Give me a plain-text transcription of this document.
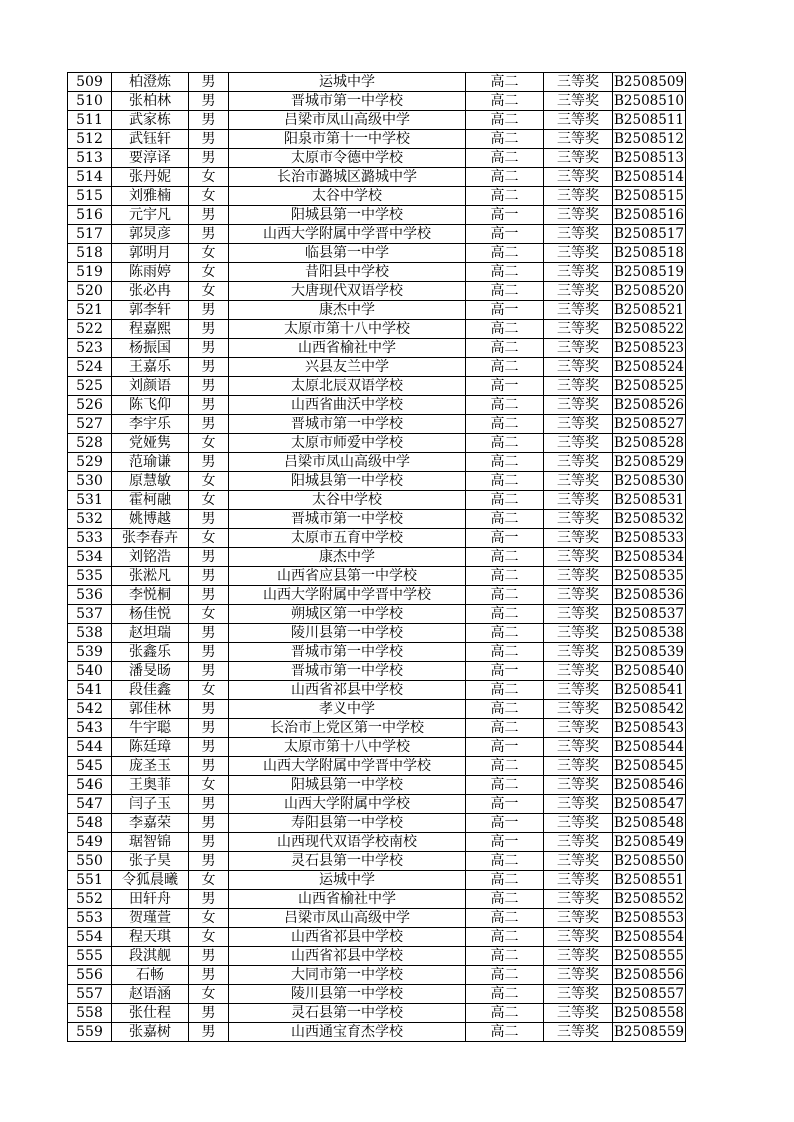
509	柏澄炼	男	运城中学	高二	三等奖	B2508509
510	张柏林	男	晋城市第一中学校	高二	三等奖	B2508510
511	武家栋	男	吕梁市凤山高级中学	高二	三等奖	B2508511
512	武钰轩	男	阳泉市第十一中学校	高二	三等奖	B2508512
513	要淳译	男	太原市令德中学校	高二	三等奖	B2508513
514	张丹妮	女	长治市潞城区潞城中学	高二	三等奖	B2508514
515	刘雅楠	女	太谷中学校	高二	三等奖	B2508515
516	元宇凡	男	阳城县第一中学校	高一	三等奖	B2508516
517	郭炅彦	男	山西大学附属中学晋中学校	高一	三等奖	B2508517
518	郭明月	女	临县第一中学	高二	三等奖	B2508518
519	陈雨婷	女	昔阳县中学校	高二	三等奖	B2508519
520	张必冉	女	大唐现代双语学校	高二	三等奖	B2508520
521	郭李轩	男	康杰中学	高一	三等奖	B2508521
522	程嘉熙	男	太原市第十八中学校	高二	三等奖	B2508522
523	杨振国	男	山西省榆社中学	高二	三等奖	B2508523
524	王嘉乐	男	兴县友兰中学	高二	三等奖	B2508524
525	刘颜语	男	太原北辰双语学校	高一	三等奖	B2508525
526	陈飞仰	男	山西省曲沃中学校	高二	三等奖	B2508526
527	李宇乐	男	晋城市第一中学校	高二	三等奖	B2508527
528	党娅隽	女	太原市师爱中学校	高二	三等奖	B2508528
529	范瑜谦	男	吕梁市凤山高级中学	高二	三等奖	B2508529
530	原慧敏	女	阳城县第一中学校	高二	三等奖	B2508530
531	霍柯融	女	太谷中学校	高二	三等奖	B2508531
532	姚博越	男	晋城市第一中学校	高二	三等奖	B2508532
533	张李春卉	女	太原市五育中学校	高一	三等奖	B2508533
534	刘铭浩	男	康杰中学	高二	三等奖	B2508534
535	张淞凡	男	山西省应县第一中学校	高二	三等奖	B2508535
536	李悦桐	男	山西大学附属中学晋中学校	高二	三等奖	B2508536
537	杨佳悦	女	朔城区第一中学校	高二	三等奖	B2508537
538	赵坦瑞	男	陵川县第一中学校	高二	三等奖	B2508538
539	张鑫乐	男	晋城市第一中学校	高二	三等奖	B2508539
540	潘旻旸	男	晋城市第一中学校	高一	三等奖	B2508540
541	段佳鑫	女	山西省祁县中学校	高二	三等奖	B2508541
542	郭佳林	男	孝义中学	高二	三等奖	B2508542
543	牛宇聪	男	长治市上党区第一中学校	高二	三等奖	B2508543
544	陈廷璋	男	太原市第十八中学校	高一	三等奖	B2508544
545	庞圣玉	男	山西大学附属中学晋中学校	高二	三等奖	B2508545
546	王奥菲	女	阳城县第一中学校	高二	三等奖	B2508546
547	闫子玉	男	山西大学附属中学校	高一	三等奖	B2508547
548	李嘉荣	男	寿阳县第一中学校	高一	三等奖	B2508548
549	琚智锦	男	山西现代双语学校南校	高一	三等奖	B2508549
550	张子昊	男	灵石县第一中学校	高二	三等奖	B2508550
551	令狐晨曦	女	运城中学	高二	三等奖	B2508551
552	田轩舟	男	山西省榆社中学	高二	三等奖	B2508552
553	贺瑾萱	女	吕梁市凤山高级中学	高二	三等奖	B2508553
554	程天琪	女	山西省祁县中学校	高二	三等奖	B2508554
555	段淇舰	男	山西省祁县中学校	高二	三等奖	B2508555
556	石畅	男	大同市第一中学校	高二	三等奖	B2508556
557	赵语涵	女	陵川县第一中学校	高二	三等奖	B2508557
558	张仕程	男	灵石县第一中学校	高二	三等奖	B2508558
559	张嘉树	男	山西通宝育杰学校	高二	三等奖	B2508559
